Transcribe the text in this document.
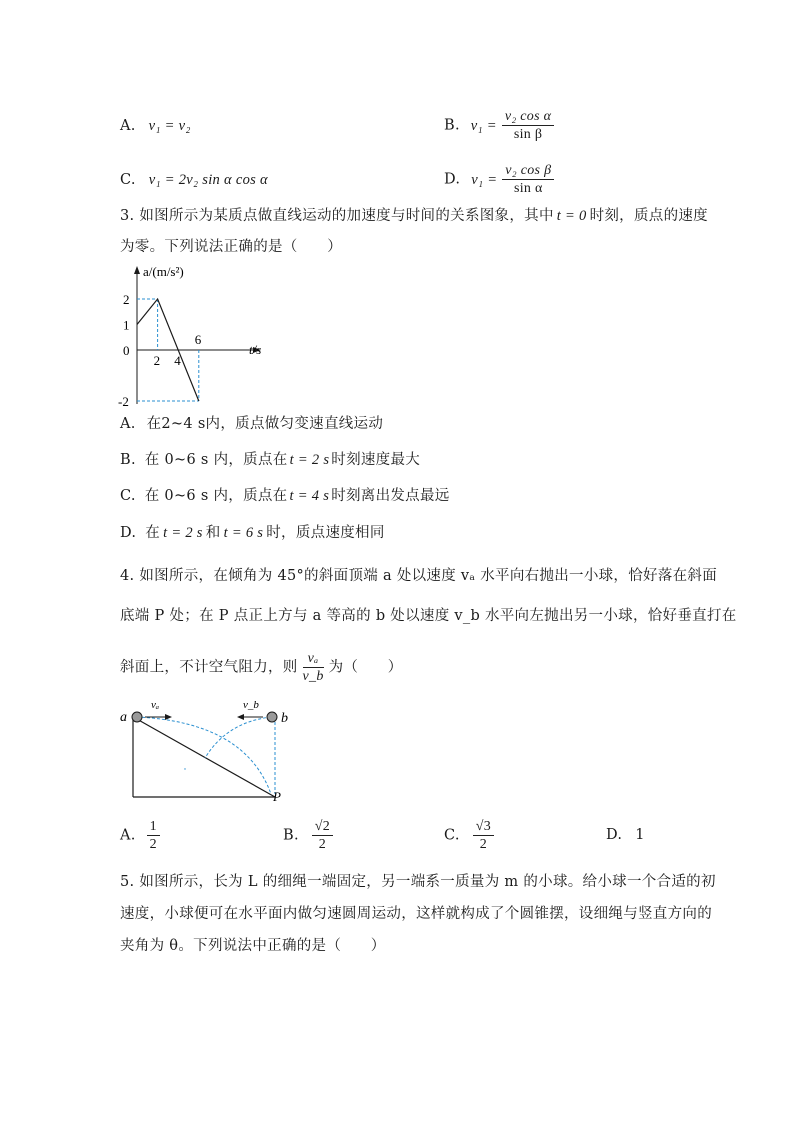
A. v₁ = v₂	B. $v_1 = \frac{\text{v₂ cos α}}{\text{sin β}}$
C. v₁ = 2v₂ sin α cos α	D. $v_1 = \frac{\text{v₂ cos β}}{\text{sin α}}$
3. 如图所示为某质点做直线运动的加速度与时间的关系图象，其中 t = 0 时刻，质点的速度
为零。下列说法正确的是（　　）
a/(m/s²)
t/s
2 4
6
2
1
0
-2
A. 在2~4 s内，质点做匀变速直线运动
B. 在 0~6 s 内，质点在 t = 2 s 时刻速度最大
C. 在 0~6 s 内，质点在 t = 4 s 时刻离出发点最远
D. 在 t = 2 s 和 t = 6 s 时，质点速度相同
4. 如图所示，在倾角为 45°的斜面顶端 a 处以速度 vₐ 水平向右抛出一小球，恰好落在斜面
底端 P 处；在 P 点正上方与 a 等高的 b 处以速度 v_b 水平向左抛出另一小球，恰好垂直打在
斜面上，不计空气阻力，则 $\frac{\text{vₐ}}{v\_b}$ 为（　　）
a	b
P
vₐ	v_b
A. $\frac{1}{2}$	B. $\frac{√2}{2}$	C. $\frac{√3}{2}$	D. 1
5. 如图所示，长为 L 的细绳一端固定，另一端系一质量为 m 的小球。给小球一个合适的初
速度，小球便可在水平面内做匀速圆周运动，这样就构成了个圆锥摆，设细绳与竖直方向的
夹角为 θ。下列说法中正确的是（　　）
